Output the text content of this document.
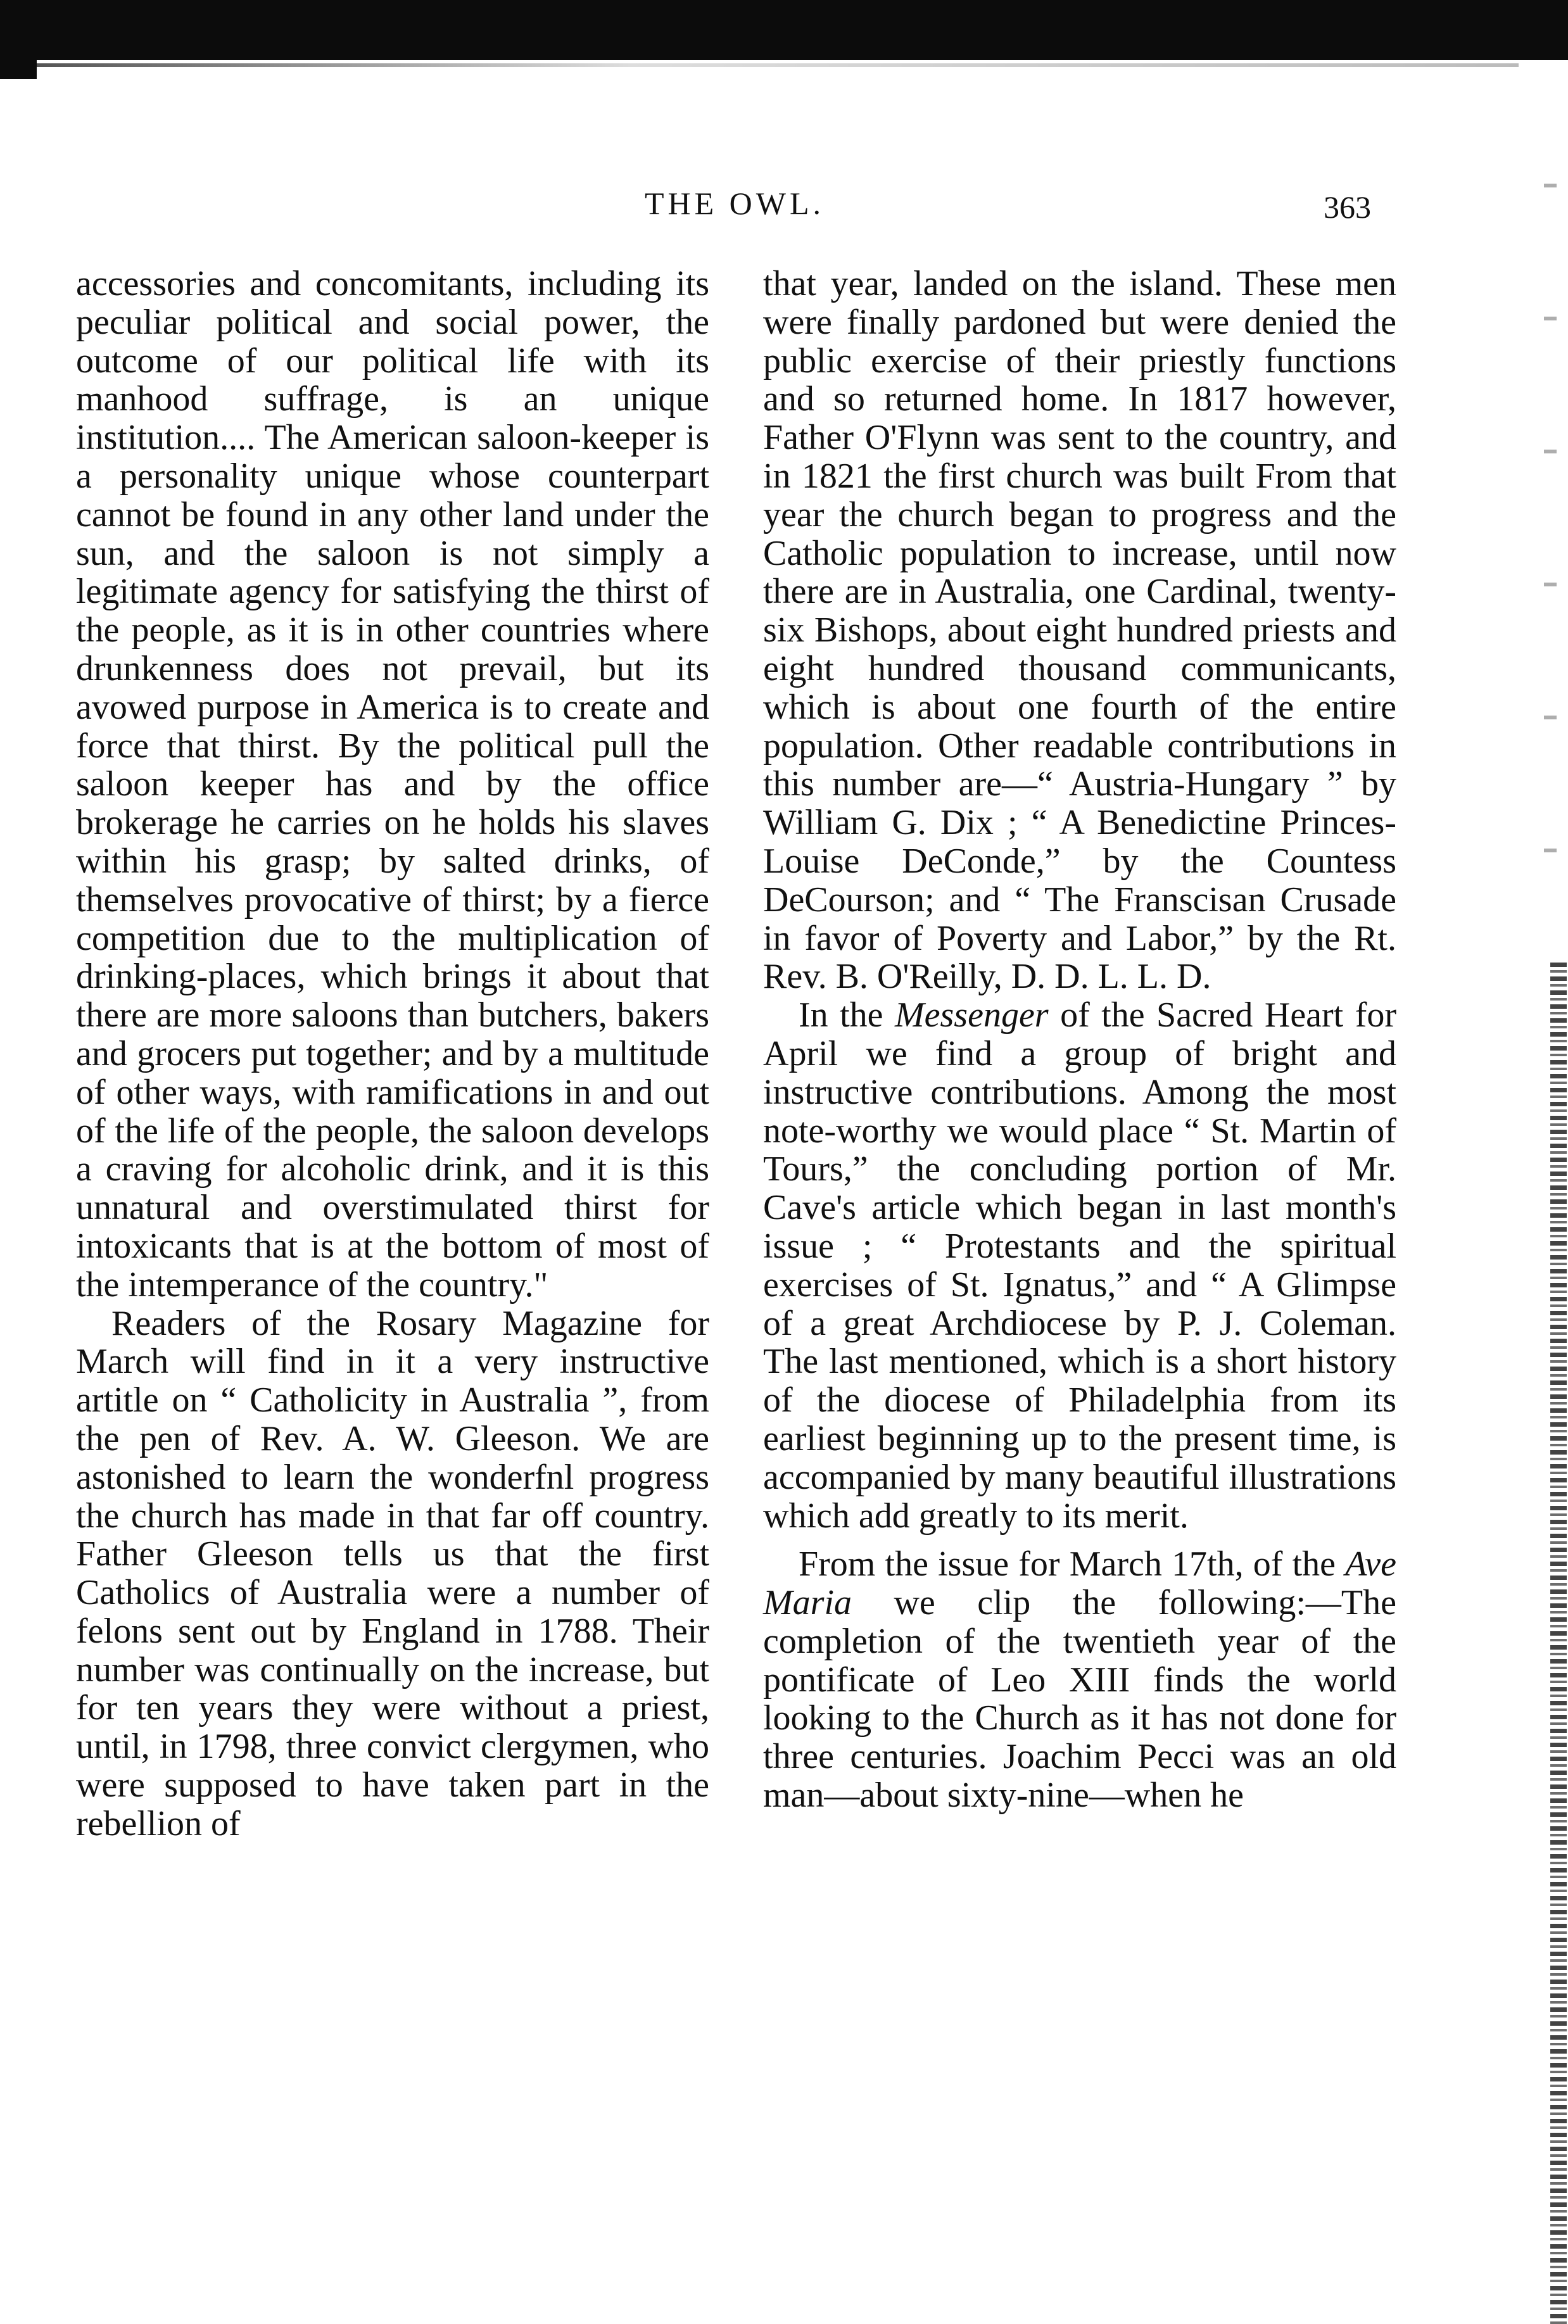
THE OWL.	363

accessories and concomitants, including its peculiar political and social power, the outcome of our political life with its manhood suffrage, is an unique institution.... The American saloon-keeper is a personality unique whose counterpart cannot be found in any other land under the sun, and the saloon is not simply a legitimate agency for satisfying the thirst of the people, as it is in other countries where drunkenness does not prevail, but its avowed purpose in America is to create and force that thirst. By the political pull the saloon keeper has and by the office brokerage he carries on he holds his slaves within his grasp; by salted drinks, of themselves provocative of thirst; by a fierce competition due to the multiplication of drinking-places, which brings it about that there are more saloons than butchers, bakers and grocers put together; and by a multitude of other ways, with ramifications in and out of the life of the people, the saloon develops a craving for alcoholic drink, and it is this unnatural and overstimulated thirst for intoxicants that is at the bottom of most of the intemperance of the country."

Readers of the Rosary Magazine for March will find in it a very instructive artitle on “ Catholicity in Australia ”, from the pen of Rev. A. W. Gleeson. We are astonished to learn the wonderfnl progress the church has made in that far off country. Father Gleeson tells us that the first Catholics of Australia were a number of felons sent out by England in 1788. Their number was continually on the increase, but for ten years they were without a priest, until, in 1798, three convict clergymen, who were supposed to have taken part in the rebellion of

that year, landed on the island. These men were finally pardoned but were denied the public exercise of their priestly functions and so returned home. In 1817 however, Father O'Flynn was sent to the country, and in 1821 the first church was built From that year the church began to progress and the Catholic population to increase, until now there are in Australia, one Cardinal, twenty-six Bishops, about eight hundred priests and eight hundred thousand communicants, which is about one fourth of the entire population. Other readable contributions in this number are—“ Austria-Hungary ” by William G. Dix ; “ A Benedictine Princes-Louise DeConde,” by the Countess DeCourson; and “ The Franscisan Crusade in favor of Poverty and Labor,” by the Rt. Rev. B. O'Reilly, D. D. L. L. D.

In the Messenger of the Sacred Heart for April we find a group of bright and instructive contributions. Among the most note-worthy we would place “ St. Martin of Tours,” the concluding portion of Mr. Cave's article which began in last month's issue ; “ Protestants and the spiritual exercises of St. Ignatus,” and “ A Glimpse of a great Archdiocese by P. J. Coleman. The last mentioned, which is a short history of the diocese of Philadelphia from its earliest beginning up to the present time, is accompanied by many beautiful illustrations which add greatly to its merit.

From the issue for March 17th, of the Ave Maria we clip the following:—The completion of the twentieth year of the pontificate of Leo XIII finds the world looking to the Church as it has not done for three centuries. Joachim Pecci was an old man—about sixty-nine—when he
